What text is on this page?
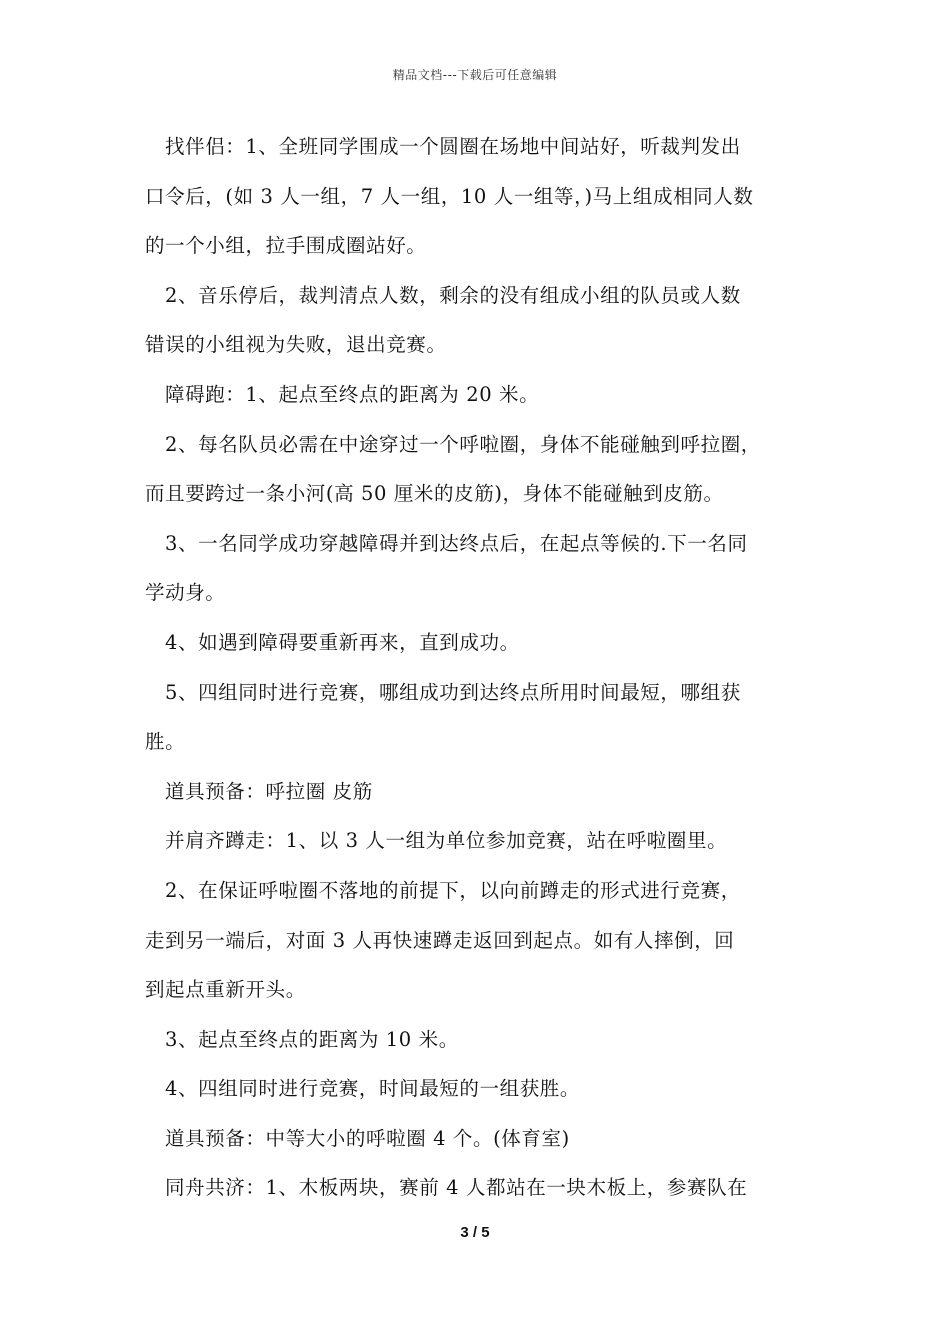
精品文档---下载后可任意编辑
找伴侣：1、全班同学围成一个圆圈在场地中间站好，听裁判发出
口令后，(如 3 人一组，7 人一组，10 人一组等，)马上组成相同人数
的一个小组，拉手围成圈站好。
2、音乐停后，裁判清点人数，剩余的没有组成小组的队员或人数
错误的小组视为失败，退出竞赛。
障碍跑：1、起点至终点的距离为 20 米。
2、每名队员必需在中途穿过一个呼啦圈，身体不能碰触到呼拉圈，
而且要跨过一条小河(高 50 厘米的皮筋)，身体不能碰触到皮筋。
3、一名同学成功穿越障碍并到达终点后，在起点等候的.下一名同
学动身。
4、如遇到障碍要重新再来，直到成功。
5、四组同时进行竞赛，哪组成功到达终点所用时间最短，哪组获
胜。
道具预备：呼拉圈 皮筋
并肩齐蹲走：1、以 3 人一组为单位参加竞赛，站在呼啦圈里。
2、在保证呼啦圈不落地的前提下，以向前蹲走的形式进行竞赛，
走到另一端后，对面 3 人再快速蹲走返回到起点。如有人摔倒，回
到起点重新开头。
3、起点至终点的距离为 10 米。
4、四组同时进行竞赛，时间最短的一组获胜。
道具预备：中等大小的呼啦圈 4 个。(体育室)
同舟共济：1、木板两块，赛前 4 人都站在一块木板上，参赛队在
3 / 5
